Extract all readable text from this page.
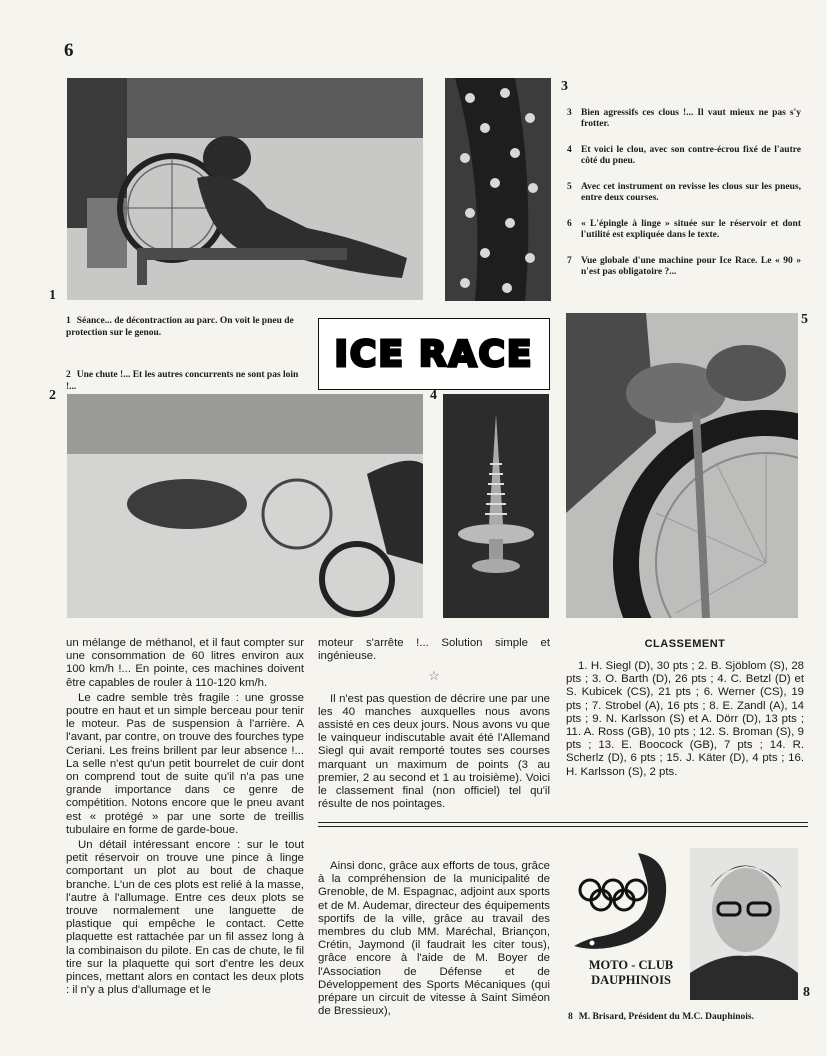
6
1
3
3 Bien agressifs ces clous !... Il vaut mieux ne pas s'y frotter.
4 Et voici le clou, avec son contre-écrou fixé de l'autre côté du pneu.
5 Avec cet instrument on revisse les clous sur les pneus, entre deux courses.
6 « L'épingle à linge » située sur le réservoir et dont l'utilité est expliquée dans le texte.
7 Vue globale d'une machine pour Ice Race. Le « 90 » n'est pas obligatoire ?...

1 Séance... de décontraction au parc. On voit le pneu de protection sur le genou.

2 Une chute !... Et les autres concurrents ne sont pas loin !...

ICE RACE
5
2	4

un mélange de méthanol, et il faut compter sur une consommation de 60 litres environ aux 100 km/h !... En pointe, ces machines doivent être capables de rouler à 110-120 km/h.

Le cadre semble très fragile : une grosse poutre en haut et un simple berceau pour tenir le moteur. Pas de suspension à l'arrière. A l'avant, par contre, on trouve des fourches type Ceriani. Les freins brillent par leur absence !... La selle n'est qu'un petit bourrelet de cuir dont on comprend tout de suite qu'il n'a pas une grande importance dans ce genre de compétition. Notons encore que le pneu avant est « protégé » par une sorte de treillis tubulaire en forme de garde-boue.

Un détail intéressant encore : sur le tout petit réservoir on trouve une pince à linge comportant un plot au bout de chaque branche. L'un de ces plots est relié à la masse, l'autre à l'allumage. Entre ces deux plots se trouve normalement une languette de plastique qui empêche le contact. Cette plaquette est rattachée par un fil assez long à la combinaison du pilote. En cas de chute, le fil tire sur la plaquette qui sort d'entre les deux pinces, mettant alors en contact les deux plots : il n'y a plus d'allumage et le

moteur s'arrête !... Solution simple et ingénieuse.

☆

Il n'est pas question de décrire une par une les 40 manches auxquelles nous avons assisté en ces deux jours. Nous avons vu que le vainqueur indiscutable avait été l'Allemand Siegl qui avait remporté toutes ses courses marquant un maximum de points (3 au premier, 2 au second et 1 au troisième). Voici le classement final (non officiel) tel qu'il résulte de nos pointages.

CLASSEMENT

1. H. Siegl (D), 30 pts ; 2. B. Sjöblom (S), 28 pts ; 3. O. Barth (D), 26 pts ; 4. C. Betzl (D) et S. Kubicek (CS), 21 pts ; 6. Werner (CS), 19 pts ; 7. Strobel (A), 16 pts ; 8. E. Zandl (A), 14 pts ; 9. N. Karlsson (S) et A. Dörr (D), 13 pts ; 11. A. Ross (GB), 10 pts ; 12. S. Broman (S), 9 pts ; 13. E. Boocock (GB), 7 pts ; 14. R. Scherlz (D), 6 pts ; 15. J. Käter (D), 4 pts ; 16. H. Karlsson (S), 2 pts.

Ainsi donc, grâce aux efforts de tous, grâce à la compréhension de la municipalité de Grenoble, de M. Espagnac, adjoint aux sports et de M. Audemar, directeur des équipements sportifs de la ville, grâce au travail des membres du club MM. Maréchal, Briançon, Crétin, Jaymond (il faudrait les citer tous), grâce encore à l'aide de M. Boyer de l'Association de Défense et de Développement des Sports Mécaniques (qui prépare un circuit de vitesse à Saint Siméon de Bressieux),

MOTO - CLUB
DAUPHINOIS
8

8 M. Brisard, Président du M.C. Dauphinois.
